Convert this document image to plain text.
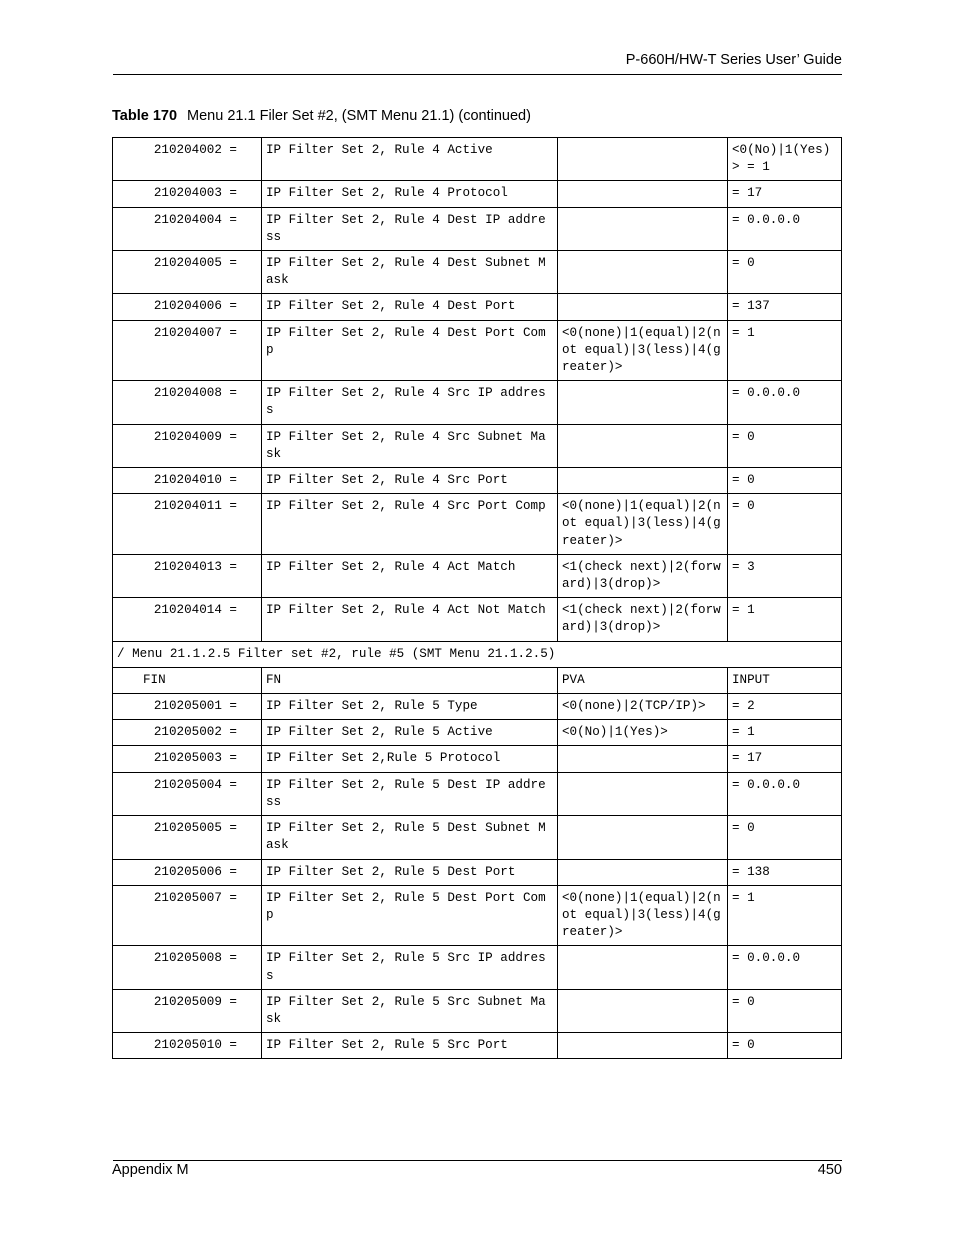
P-660H/HW-T Series User’ Guide
Table 170 Menu 21.1 Filer Set #2, (SMT Menu 21.1) (continued)
210204002 =	IP Filter Set 2, Rule 4 Active		<0(No)|1(Yes)> = 1
210204003 =	IP Filter Set 2, Rule 4 Protocol		= 17
210204004 =	IP Filter Set 2, Rule 4 Dest IP address		= 0.0.0.0
210204005 =	IP Filter Set 2, Rule 4 Dest Subnet Mask		= 0
210204006 =	IP Filter Set 2, Rule 4 Dest Port		= 137
210204007 =	IP Filter Set 2, Rule 4 Dest Port Comp	<0(none)|1(equal)|2(not equal)|3(less)|4(greater)>	= 1
210204008 =	IP Filter Set 2, Rule 4 Src IP address		= 0.0.0.0
210204009 =	IP Filter Set 2, Rule 4 Src Subnet Mask		= 0
210204010 =	IP Filter Set 2, Rule 4 Src Port		= 0
210204011 =	IP Filter Set 2, Rule 4 Src Port Comp	<0(none)|1(equal)|2(not equal)|3(less)|4(greater)>	= 0
210204013 =	IP Filter Set 2, Rule 4 Act Match	<1(check next)|2(forward)|3(drop)>	= 3
210204014 =	IP Filter Set 2, Rule 4 Act Not Match	<1(check next)|2(forward)|3(drop)>	= 1
/ Menu 21.1.2.5 Filter set #2, rule #5 (SMT Menu 21.1.2.5)			
FIN	FN	PVA	INPUT
210205001 =	IP Filter Set 2, Rule 5 Type	<0(none)|2(TCP/IP)>	= 2
210205002 =	IP Filter Set 2, Rule 5 Active	<0(No)|1(Yes)>	= 1
210205003 =	IP Filter Set 2,Rule 5 Protocol		= 17
210205004 =	IP Filter Set 2, Rule 5 Dest IP address		= 0.0.0.0
210205005 =	IP Filter Set 2, Rule 5 Dest Subnet Mask		= 0
210205006 =	IP Filter Set 2, Rule 5 Dest Port		= 138
210205007 =	IP Filter Set 2, Rule 5 Dest Port Comp	<0(none)|1(equal)|2(not equal)|3(less)|4(greater)>	= 1
210205008 =	IP Filter Set 2, Rule 5 Src IP address		= 0.0.0.0
210205009 =	IP Filter Set 2, Rule 5 Src Subnet Mask		= 0
210205010 =	IP Filter Set 2, Rule 5 Src Port		= 0
Appendix M	450
